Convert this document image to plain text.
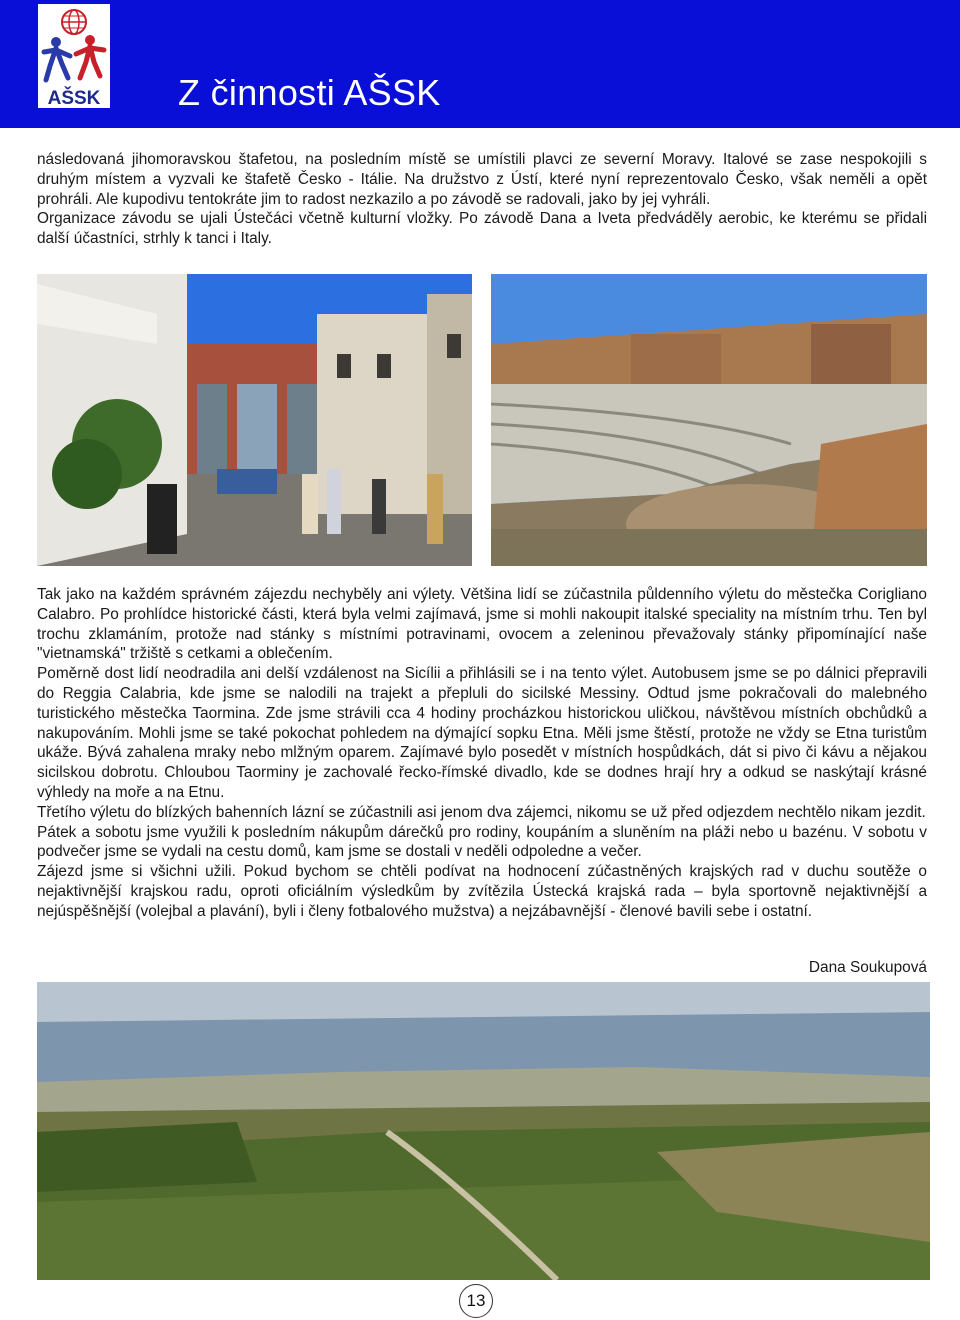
AŠSK Z činnosti AŠSK

následovaná jihomoravskou štafetou, na posledním místě se umístili plavci ze severní Moravy. Italové se zase nespokojili s druhým místem a vyzvali ke štafetě Česko - Itálie. Na družstvo z Ústí, které nyní reprezentovalo Česko, však neměli a opět prohráli. Ale kupodivu tentokráte jim to radost nezkazilo a po závodě se radovali, jako by jej vyhráli.

Organizace závodu se ujali Ústečáci včetně kulturní vložky. Po závodě Dana a Iveta předváděly aerobic, ke kterému se přidali další účastníci, strhly k tanci i Italy.

Tak jako na každém správném zájezdu nechyběly ani výlety. Většina lidí se zúčastnila půldenního výletu do městečka Corigliano Calabro. Po prohlídce historické části, která byla velmi zajímavá, jsme si mohli nakoupit italské speciality na místním trhu. Ten byl trochu zklamáním, protože nad stánky s místními potravinami, ovocem a zeleninou převažovaly stánky připomínající naše "vietnamská" tržiště s cetkami a oblečením.

Poměrně dost lidí neodradila ani delší vzdálenost na Sicílii a přihlásili se i na tento výlet. Autobusem jsme se po dálnici přepravili do Reggia Calabria, kde jsme se nalodili na trajekt a přepluli do sicilské Messiny. Odtud jsme pokračovali do malebného turistického městečka Taormina. Zde jsme strávili cca 4 hodiny procházkou historickou uličkou, návštěvou místních obchůdků a nakupováním. Mohli jsme se také pokochat pohledem na dýmající sopku Etna. Měli jsme štěstí, protože ne vždy se Etna turistům ukáže. Bývá zahalena mraky nebo mlžným oparem. Zajímavé bylo posedět v místních hospůdkách, dát si pivo či kávu a nějakou sicilskou dobrotu. Chloubou Taorminy je zachovalé řecko-římské divadlo, kde se dodnes hrají hry a odkud se naskýtají krásné výhledy na moře a na Etnu.

Třetího výletu do blízkých bahenních lázní se zúčastnili asi jenom dva zájemci, nikomu se už před odjezdem nechtělo nikam jezdit.

Pátek a sobotu jsme využili k posledním nákupům dárečků pro rodiny, koupáním a sluněním na pláži nebo u bazénu. V sobotu v podvečer jsme se vydali na cestu domů, kam jsme se dostali v neděli odpoledne a večer.

Zájezd jsme si všichni užili. Pokud bychom se chtěli podívat na hodnocení zúčastněných krajských rad v duchu soutěže o nejaktivnější krajskou radu, oproti oficiálním výsledkům by zvítězila Ústecká krajská rada – byla sportovně nejaktivnější a nejúspěšnější (volejbal a plavání), byli i členy fotbalového mužstva) a nejzábavnější - členové bavili sebe i ostatní.

Dana Soukupová
13
